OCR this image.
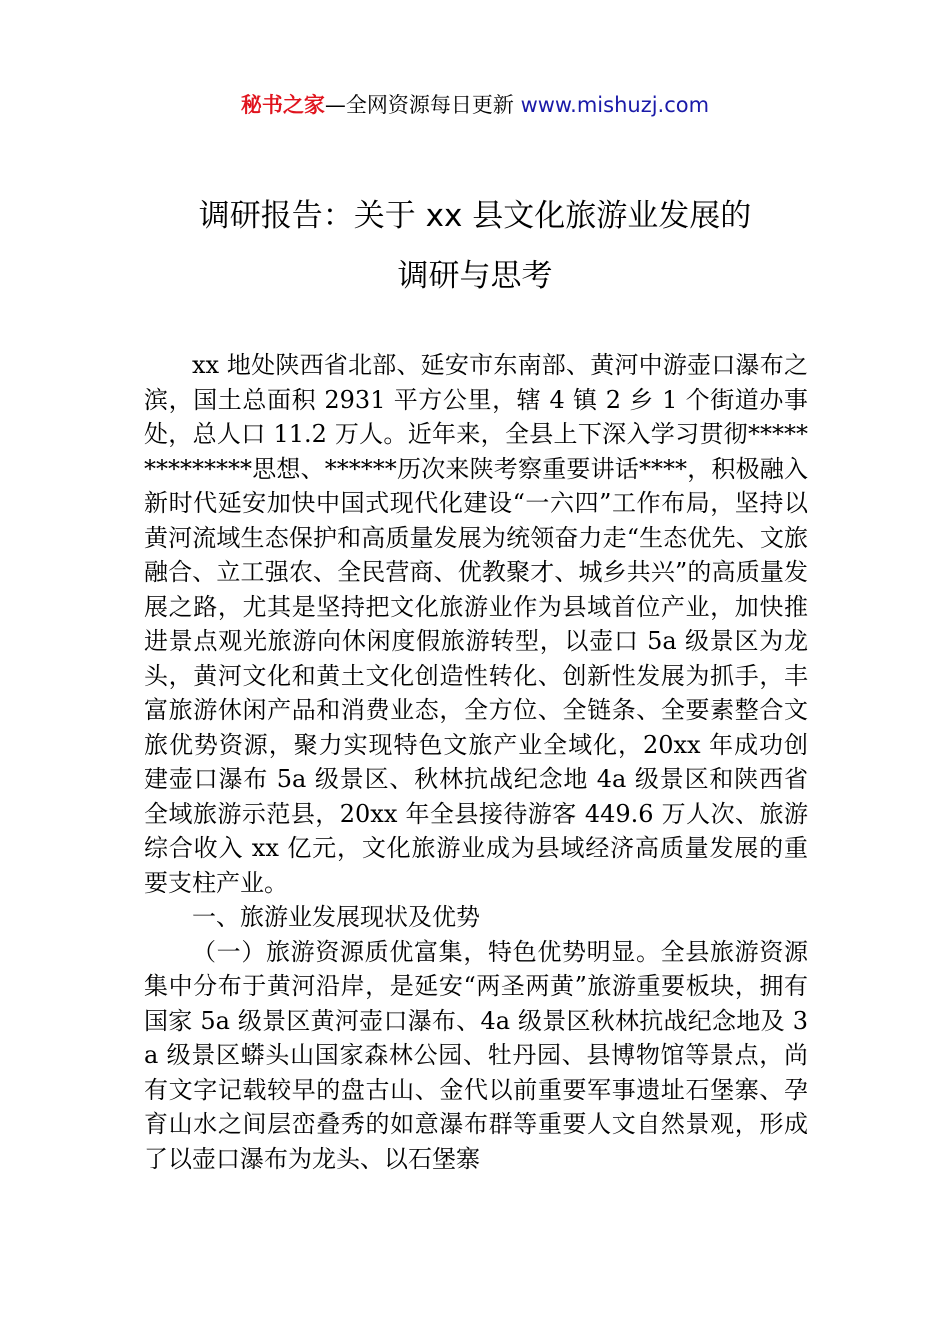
秘书之家—全网资源每日更新 www.mishuzj.com
调研报告：关于 xx 县文化旅游业发展的
调研与思考

xx 地处陕西省北部、延安市东南部、黄河中游壶口瀑布之滨，国土总面积 2931 平方公里，辖 4 镇 2 乡 1 个街道办事处，总人口 11.2 万人。近年来，全县上下深入学习贯彻**************思想、******历次来陕考察重要讲话****，积极融入新时代延安加快中国式现代化建设“一六四”工作布局，坚持以黄河流域生态保护和高质量发展为统领奋力走“生态优先、文旅融合、立工强农、全民营商、优教聚才、城乡共兴”的高质量发展之路，尤其是坚持把文化旅游业作为县域首位产业，加快推进景点观光旅游向休闲度假旅游转型，以壶口 5a 级景区为龙头，黄河文化和黄土文化创造性转化、创新性发展为抓手，丰富旅游休闲产品和消费业态，全方位、全链条、全要素整合文旅优势资源，聚力实现特色文旅产业全域化，20xx 年成功创建壶口瀑布 5a 级景区、秋林抗战纪念地 4a 级景区和陕西省全域旅游示范县，20xx 年全县接待游客 449.6 万人次、旅游综合收入 xx 亿元，文化旅游业成为县域经济高质量发展的重要支柱产业。

一、旅游业发展现状及优势

（一）旅游资源质优富集，特色优势明显。全县旅游资源集中分布于黄河沿岸，是延安“两圣两黄”旅游重要板块，拥有国家 5a 级景区黄河壶口瀑布、4a 级景区秋林抗战纪念地及 3a 级景区蟒头山国家森林公园、牡丹园、县博物馆等景点，尚有文字记载较早的盘古山、金代以前重要军事遗址石堡寨、孕育山水之间层峦叠秀的如意瀑布群等重要人文自然景观，形成了以壶口瀑布为龙头、以石堡寨
